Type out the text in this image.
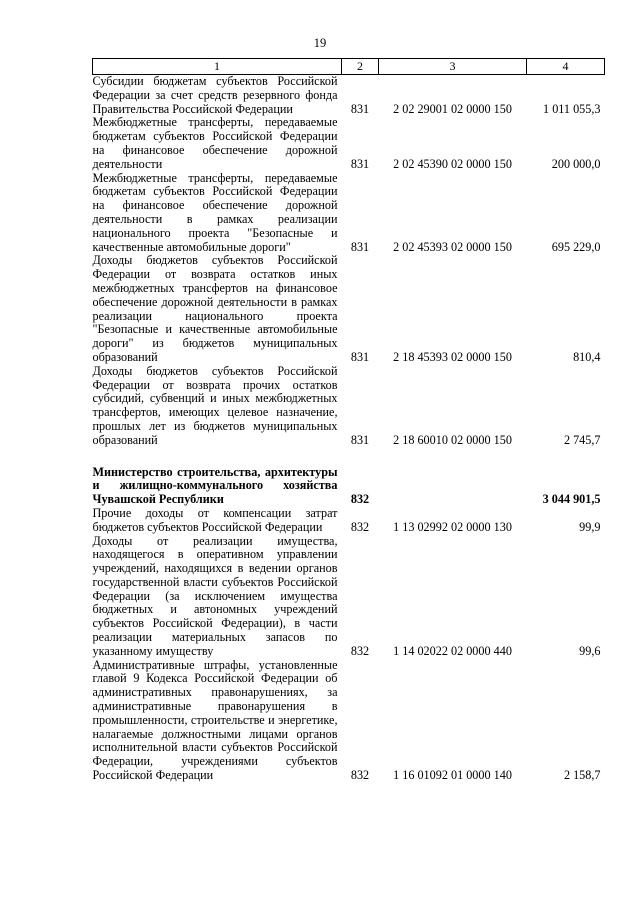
19
1	2	3	4
Субсидии бюджетам субъектов Российской Федерации за счет средств резервного фонда Правительства Российской Федерации	831	2 02 29001 02 0000 150	1 011 055,3
Межбюджетные трансферты, передаваемые бюджетам субъектов Российской Федерации на финансовое обеспечение дорожной деятельности	831	2 02 45390 02 0000 150	200 000,0
Межбюджетные трансферты, передаваемые бюджетам субъектов Российской Федерации на финансовое обеспечение дорожной деятельности в рамках реализации национального проекта "Безопасные и качественные автомобильные дороги"	831	2 02 45393 02 0000 150	695 229,0
Доходы бюджетов субъектов Российской Федерации от возврата остатков иных межбюджетных трансфертов на финансовое обеспечение дорожной деятельности в рамках реализации национального проекта "Безопасные и качественные автомобильные дороги" из бюджетов муниципальных образований	831	2 18 45393 02 0000 150	810,4
Доходы бюджетов субъектов Российской Федерации от возврата прочих остатков субсидий, субвенций и иных межбюджетных трансфертов, имеющих целевое назначение, прошлых лет из бюджетов муниципальных образований	831	2 18 60010 02 0000 150	2 745,7
Министерство строительства, архитектуры и жилищно-коммунального хозяйства Чувашской Республики	832		3 044 901,5
Прочие доходы от компенсации затрат бюджетов субъектов Российской Федерации	832	1 13 02992 02 0000 130	99,9
Доходы от реализации имущества, находящегося в оперативном управлении учреждений, находящихся в ведении органов государственной власти субъектов Российской Федерации (за исключением имущества бюджетных и автономных учреждений субъектов Российской Федерации), в части реализации материальных запасов по указанному имуществу	832	1 14 02022 02 0000 440	99,6
Административные штрафы, установленные главой 9 Кодекса Российской Федерации об административных правонарушениях, за административные правонарушения в промышленности, строительстве и энергетике, налагаемые должностными лицами органов исполнительной власти субъектов Российской Федерации, учреждениями субъектов Российской Федерации	832	1 16 01092 01 0000 140	2 158,7
